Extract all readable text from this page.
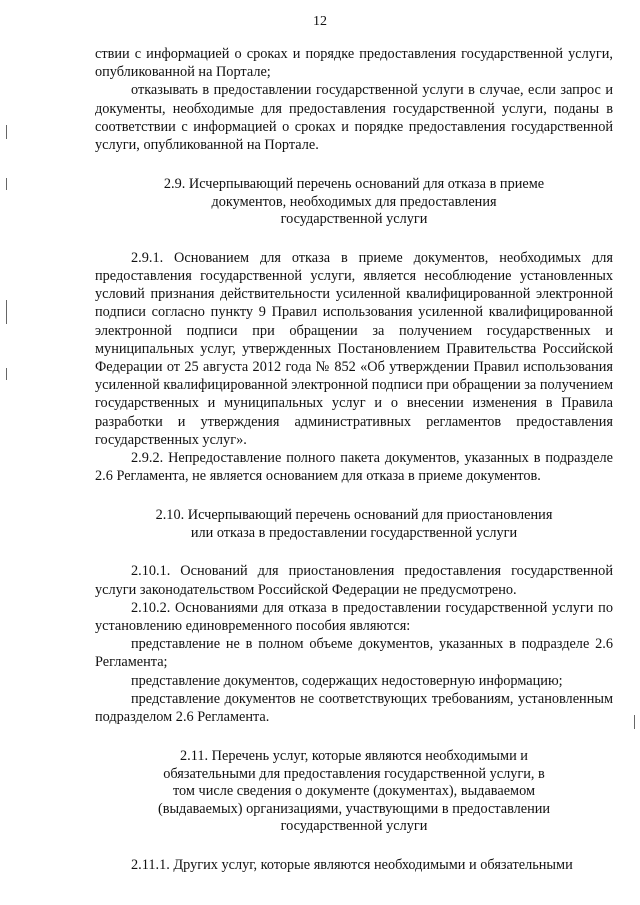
12

ствии с информацией о сроках и порядке предоставления государственной услуги, опубликованной на Портале;

отказывать в предоставлении государственной услуги в случае, если запрос и документы, необходимые для предоставления государственной услуги, поданы в соответствии с информацией о сроках и порядке предоставления государственной услуги, опубликованной на Портале.

2.9. Исчерпывающий перечень оснований для отказа в приеме
документов, необходимых для предоставления
государственной услуги

2.9.1. Основанием для отказа в приеме документов, необходимых для предоставления государственной услуги, является несоблюдение установленных условий признания действительности усиленной квалифицированной электронной подписи согласно пункту 9 Правил использования усиленной квалифицированной электронной подписи при обращении за получением государственных и муниципальных услуг, утвержденных Постановлением Правительства Российской Федерации от 25 августа 2012 года № 852 «Об утверждении Правил использования усиленной квалифицированной электронной подписи при обращении за получением государственных и муниципальных услуг и о внесении изменения в Правила разработки и утверждения административных регламентов предоставления государственных услуг».

2.9.2. Непредоставление полного пакета документов, указанных в подразделе 2.6 Регламента, не является основанием для отказа в приеме документов.

2.10. Исчерпывающий перечень оснований для приостановления
или отказа в предоставлении государственной услуги

2.10.1. Оснований для приостановления предоставления государственной услуги законодательством Российской Федерации не предусмотрено.

2.10.2. Основаниями для отказа в предоставлении государственной услуги по установлению единовременного пособия являются:

представление не в полном объеме документов, указанных в подразделе 2.6 Регламента;

представление документов, содержащих недостоверную информацию;

представление документов не соответствующих требованиям, установленным подразделом 2.6 Регламента.

2.11. Перечень услуг, которые являются необходимыми и
обязательными для предоставления государственной услуги, в
том числе сведения о документе (документах), выдаваемом
(выдаваемых) организациями, участвующими в предоставлении
государственной услуги

2.11.1. Других услуг, которые являются необходимыми и обязательными
